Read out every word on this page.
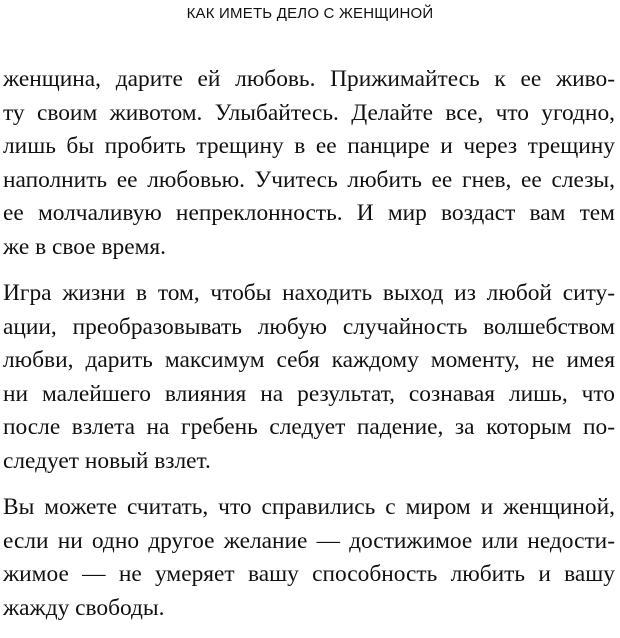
КАК ИМЕТЬ ДЕЛО С ЖЕНЩИНОЙ

женщина, дарите ей любовь. Прижимайтесь к ее живо-
ту своим животом. Улыбайтесь. Делайте все, что угодно,
лишь бы пробить трещину в ее панцире и через трещину
наполнить ее любовью. Учитесь любить ее гнев, ее слезы,
ее молчаливую непреклонность. И мир воздаст вам тем
же в свое время.

Игра жизни в том, чтобы находить выход из любой ситу-
ации, преобразовывать любую случайность волшебством
любви, дарить максимум себя каждому моменту, не имея
ни малейшего влияния на результат, сознавая лишь, что
после взлета на гребень следует падение, за которым по-
следует новый взлет.

Вы можете считать, что справились с миром и женщиной,
если ни одно другое желание — достижимое или недости-
жимое — не умеряет вашу способность любить и вашу
жажду свободы.
